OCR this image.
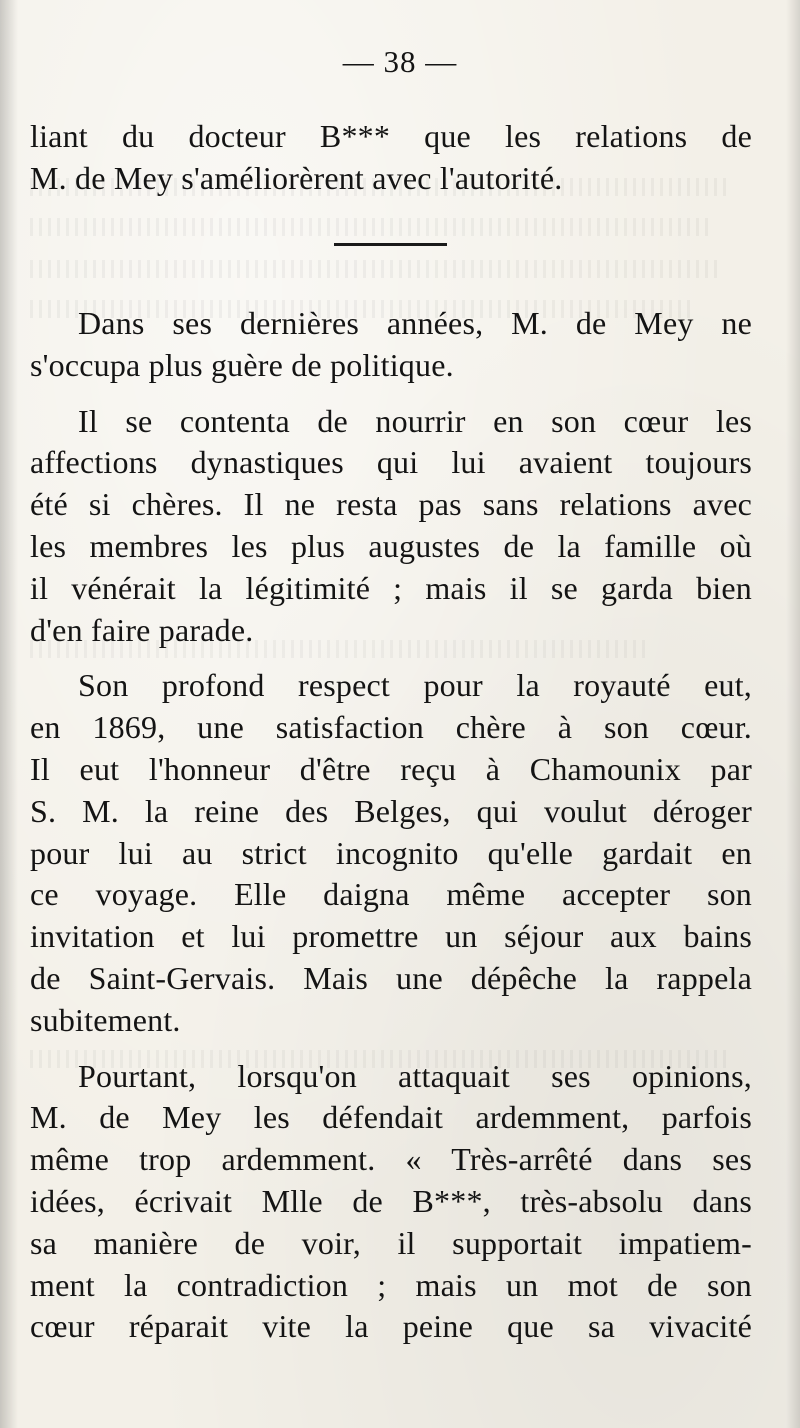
— 38 —
liant du docteur B*** que les relations de
M. de Mey s'améliorèrent avec l'autorité.
Dans ses dernières années, M. de Mey ne
s'occupa plus guère de politique.
Il se contenta de nourrir en son cœur les
affections dynastiques qui lui avaient toujours
été si chères. Il ne resta pas sans relations avec
les membres les plus augustes de la famille où
il vénérait la légitimité ; mais il se garda bien
d'en faire parade.
Son profond respect pour la royauté eut,
en 1869, une satisfaction chère à son cœur.
Il eut l'honneur d'être reçu à Chamounix par
S. M. la reine des Belges, qui voulut déroger
pour lui au strict incognito qu'elle gardait en
ce voyage. Elle daigna même accepter son
invitation et lui promettre un séjour aux bains
de Saint-Gervais. Mais une dépêche la rappela
subitement.
Pourtant, lorsqu'on attaquait ses opinions,
M. de Mey les défendait ardemment, parfois
même trop ardemment. « Très-arrêté dans ses
idées, écrivait Mlle de B***, très-absolu dans
sa manière de voir, il supportait impatiem-
ment la contradiction ; mais un mot de son
cœur réparait vite la peine que sa vivacité
